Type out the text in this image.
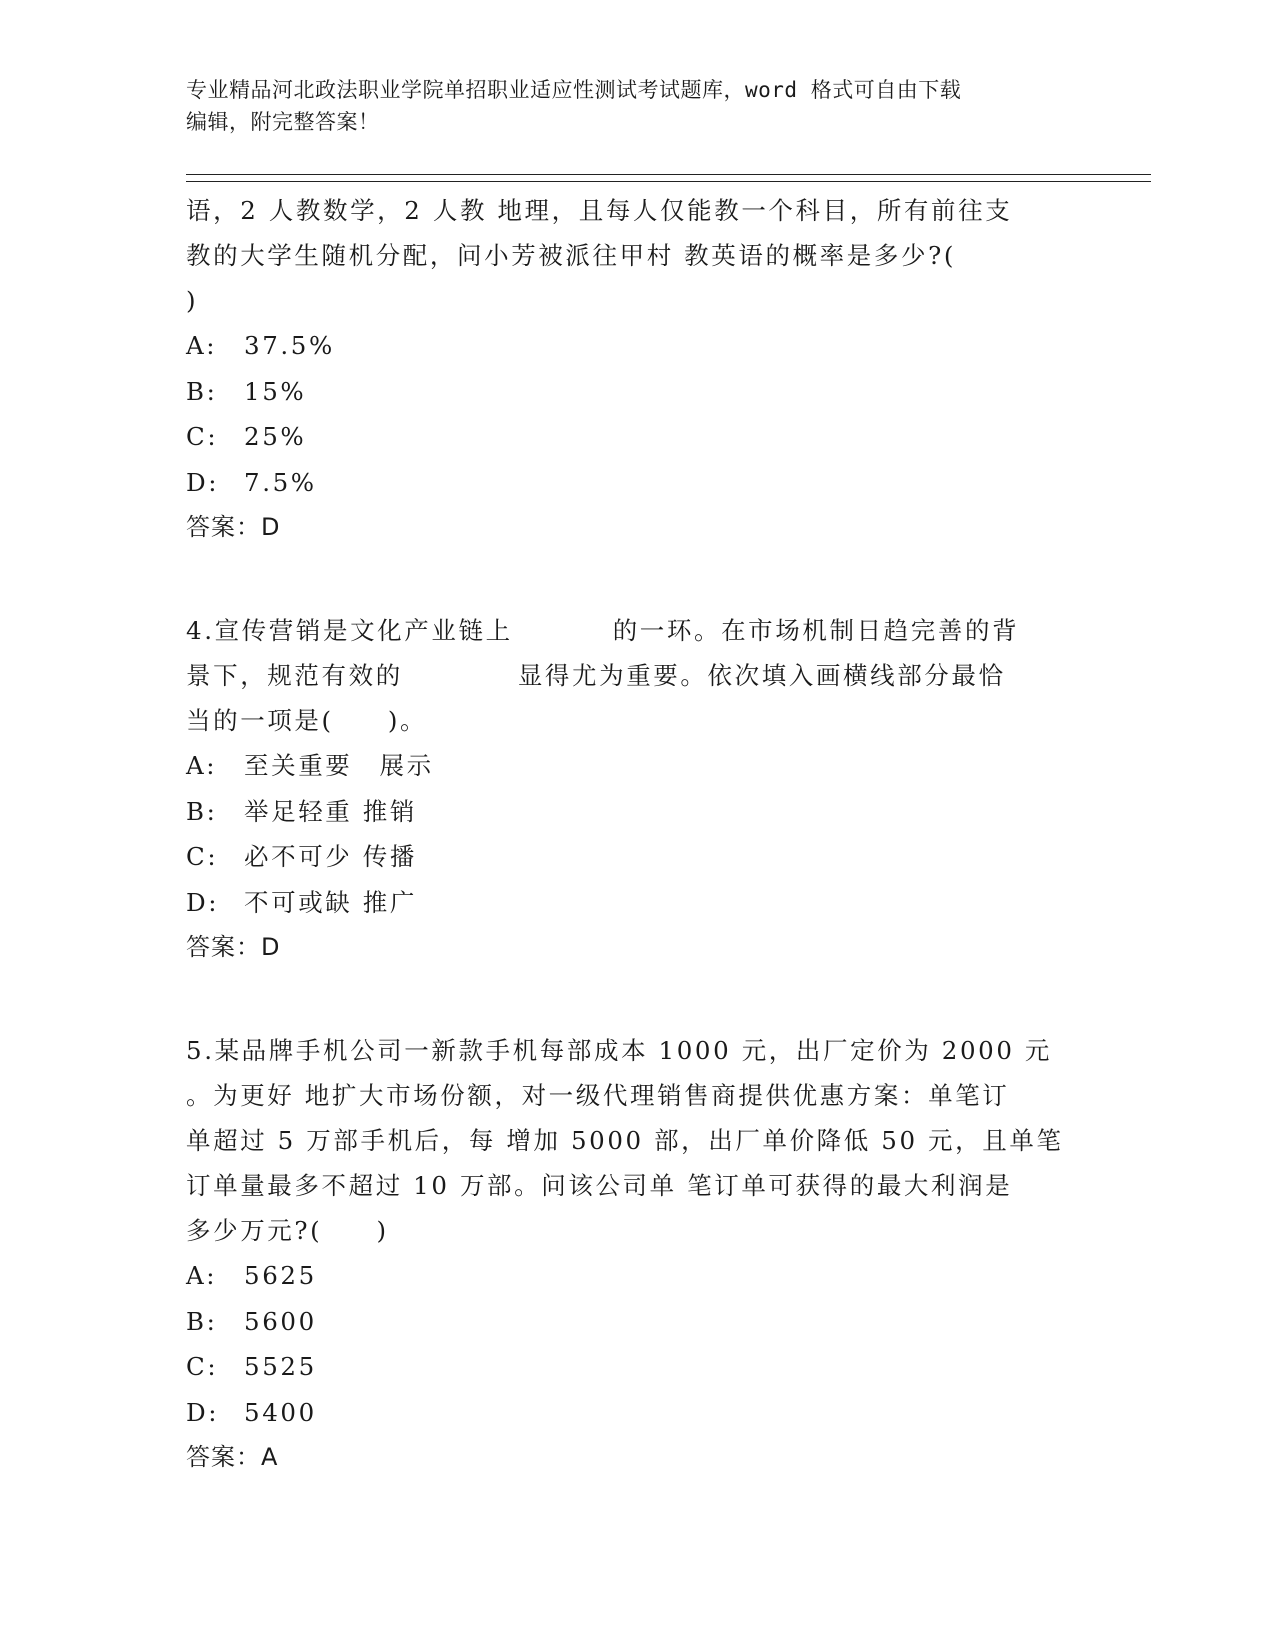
专业精品河北政法职业学院单招职业适应性测试考试题库，word 格式可自由下载
编辑，附完整答案！

语，2 人教数学，2 人教 地理，且每人仅能教一个科目，所有前往支

教的大学生随机分配，问小芳被派往甲村 教英语的概率是多少?(

)

A:	37.5%
B:	15%
C:	25%
D:	7.5%

答案：D

4.宣传营销是文化产业链上	的一环。在市场机制日趋完善的背

景下，规范有效的	显得尤为重要。依次填入画横线部分最恰

当的一项是(　　)。

A:	至关重要　展示
B:	举足轻重 推销
C:	必不可少 传播
D:	不可或缺 推广

答案：D

5.某品牌手机公司一新款手机每部成本 1000 元，出厂定价为 2000 元

。为更好 地扩大市场份额，对一级代理销售商提供优惠方案：单笔订

单超过 5 万部手机后，每 增加 5000 部，出厂单价降低 50 元，且单笔

订单量最多不超过 10 万部。问该公司单 笔订单可获得的最大利润是

多少万元?(　　)

A:	5625
B:	5600
C:	5525
D:	5400

答案：A
